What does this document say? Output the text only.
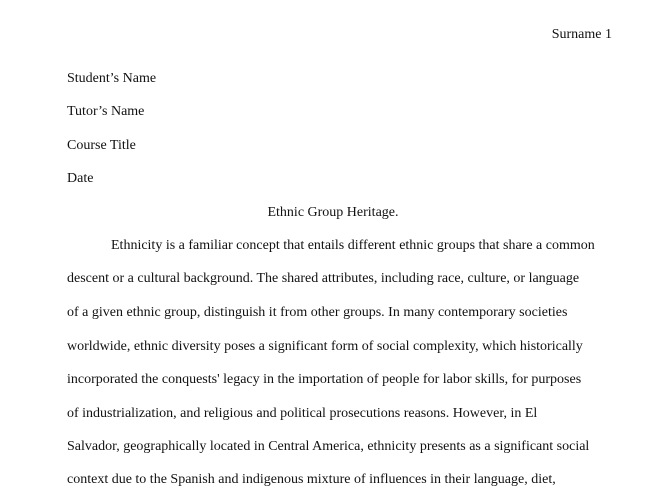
Surname 1
Student’s Name
Tutor’s Name
Course Title
Date
Ethnic Group Heritage.
Ethnicity is a familiar concept that entails different ethnic groups that share a common
descent or a cultural background. The shared attributes, including race, culture, or language
of a given ethnic group, distinguish it from other groups. In many contemporary societies
worldwide, ethnic diversity poses a significant form of social complexity, which historically
incorporated the conquests' legacy in the importation of people for labor skills, for purposes
of industrialization, and religious and political prosecutions reasons. However, in El
Salvador, geographically located in Central America, ethnicity presents as a significant social
context due to the Spanish and indigenous mixture of influences in their language, diet,
